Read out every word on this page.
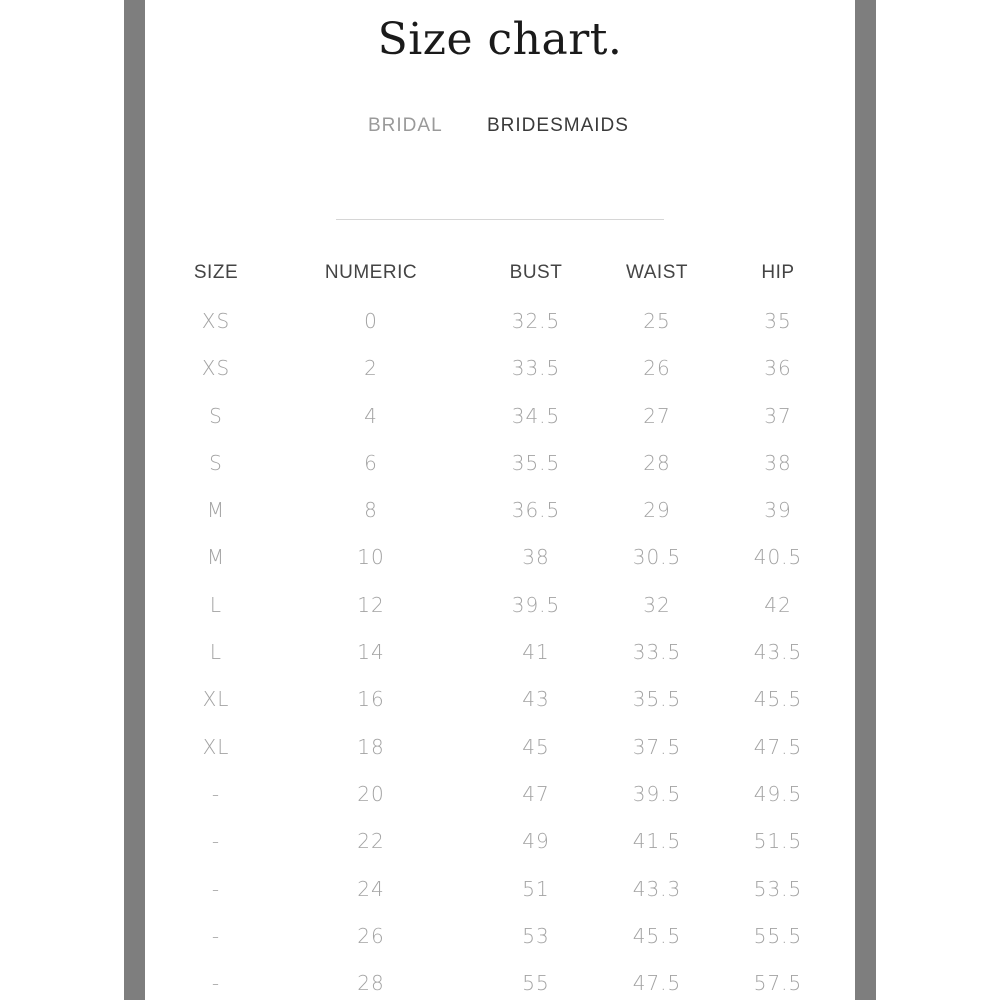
Size chart.
BRIDAL BRIDESMAIDS
SIZE	NUMERIC	BUST	WAIST	HIP
XS	0	32.5	25	35
XS	2	33.5	26	36
S	4	34.5	27	37
S	6	35.5	28	38
M	8	36.5	29	39
M	10	38	30.5	40.5
L	12	39.5	32	42
L	14	41	33.5	43.5
XL	16	43	35.5	45.5
XL	18	45	37.5	47.5
-	20	47	39.5	49.5
-	22	49	41.5	51.5
-	24	51	43.3	53.5
-	26	53	45.5	55.5
-	28	55	47.5	57.5
